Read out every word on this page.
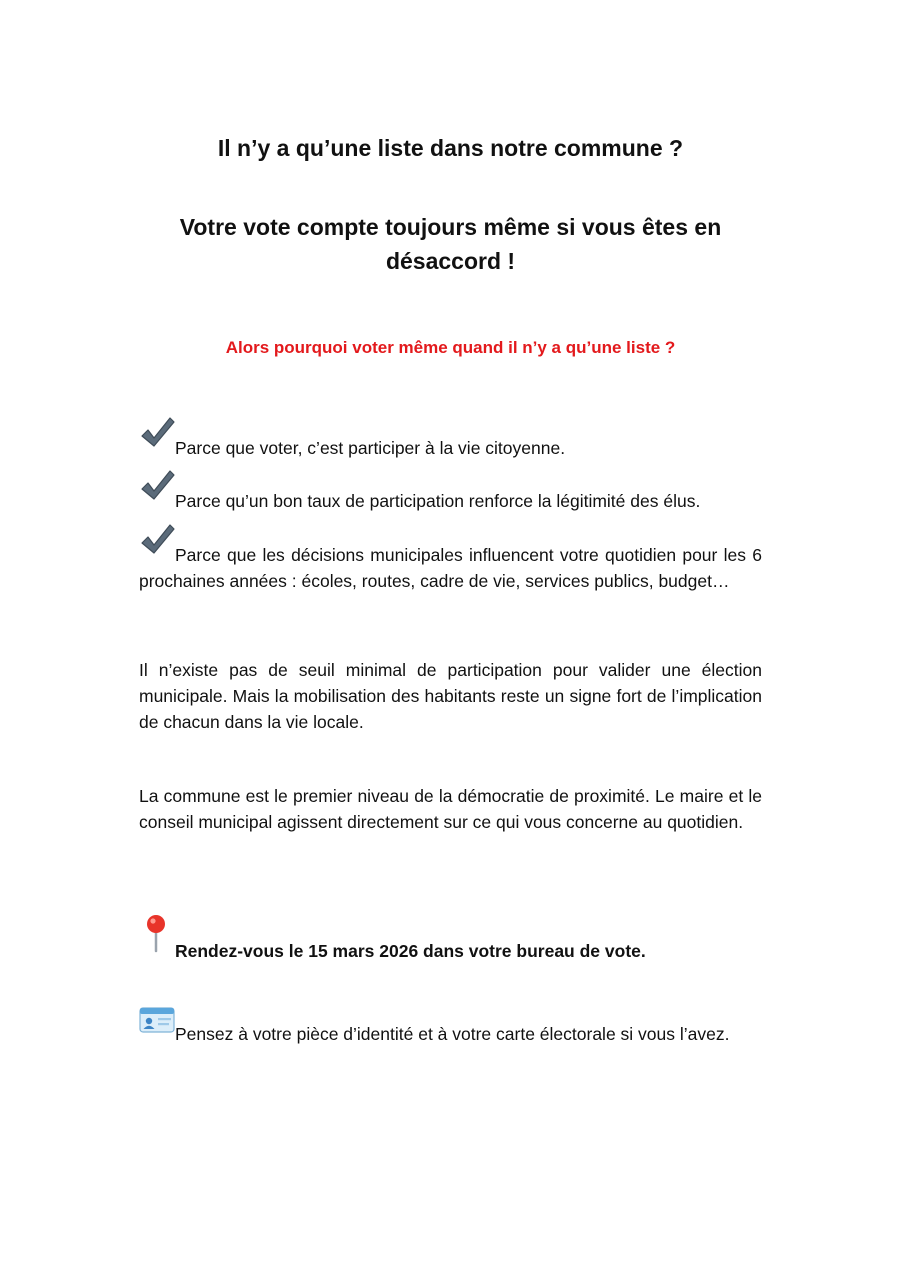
Il n’y a qu’une liste dans notre commune ?
Votre vote compte toujours même si vous êtes en désaccord !

Alors pourquoi voter même quand il n’y a qu’une liste ?

Parce que voter, c’est participer à la vie citoyenne.

Parce qu’un bon taux de participation renforce la légitimité des élus.

Parce que les décisions municipales influencent votre quotidien pour les 6 prochaines années : écoles, routes, cadre de vie, services publics, budget…

Il n’existe pas de seuil minimal de participation pour valider une élection municipale. Mais la mobilisation des habitants reste un signe fort de l’implication de chacun dans la vie locale.

La commune est le premier niveau de la démocratie de proximité. Le maire et le conseil municipal agissent directement sur ce qui vous concerne au quotidien.

Rendez-vous le 15 mars 2026 dans votre bureau de vote.

Pensez à votre pièce d’identité et à votre carte électorale si vous l’avez.
